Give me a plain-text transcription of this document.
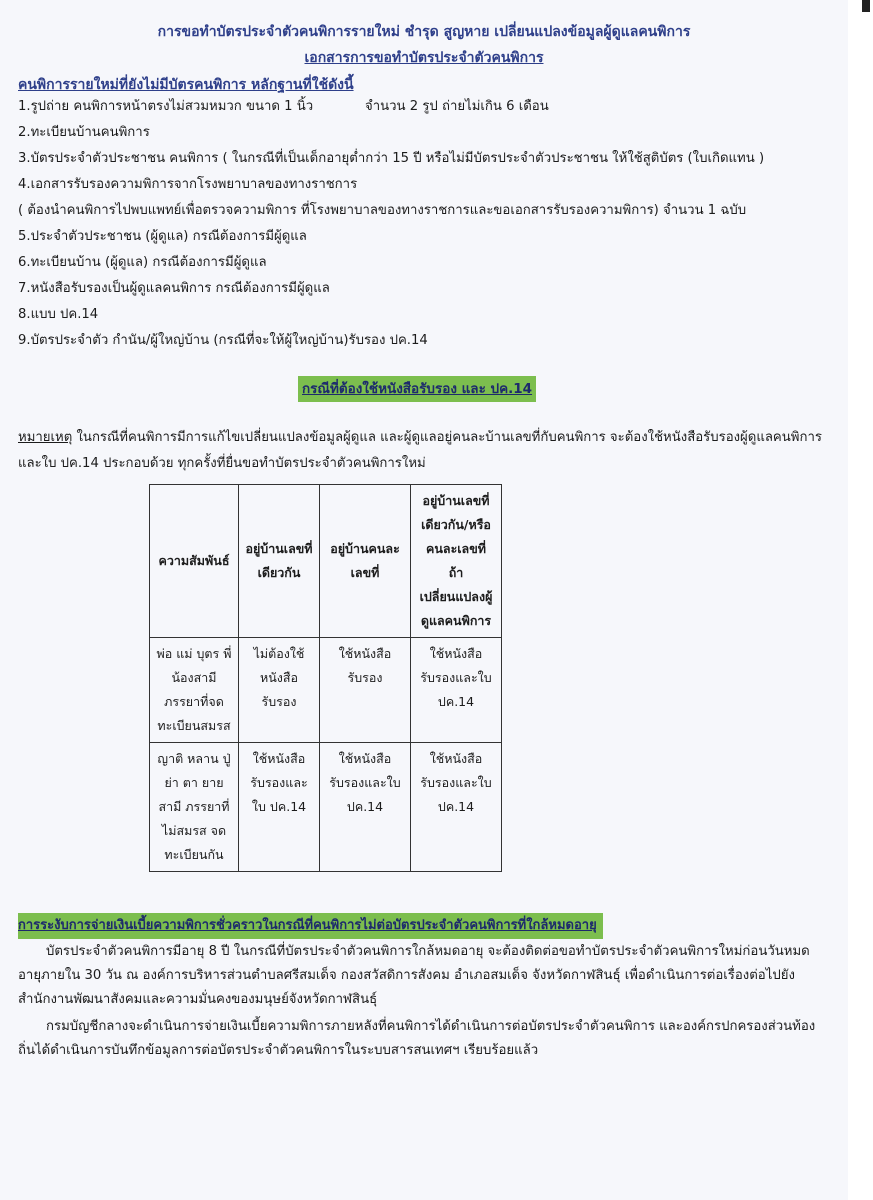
การขอทำบัตรประจำตัวคนพิการรายใหม่ ชำรุด สูญหาย เปลี่ยนแปลงข้อมูลผู้ดูแลคนพิการ
เอกสารการขอทำบัตรประจำตัวคนพิการ
คนพิการรายใหม่ที่ยังไม่มีบัตรคนพิการ หลักฐานที่ใช้ดังนี้
1.รูปถ่าย คนพิการหน้าตรงไม่สวมหมวก ขนาด 1 นิ้ว	จำนวน 2 รูป ถ่ายไม่เกิน 6 เดือน
2.ทะเบียนบ้านคนพิการ
3.บัตรประจำตัวประชาชน คนพิการ ( ในกรณีที่เป็นเด็กอายุต่ำกว่า 15 ปี หรือไม่มีบัตรประจำตัวประชาชน ให้ใช้สูติบัตร (ใบเกิดแทน )
4.เอกสารรับรองความพิการจากโรงพยาบาลของทางราชการ
( ต้องนำคนพิการไปพบแพทย์เพื่อตรวจความพิการ ที่โรงพยาบาลของทางราชการและขอเอกสารรับรองความพิการ) จำนวน 1 ฉบับ
5.ประจำตัวประชาชน (ผู้ดูแล) กรณีต้องการมีผู้ดูแล
6.ทะเบียนบ้าน (ผู้ดูแล) กรณีต้องการมีผู้ดูแล
7.หนังสือรับรองเป็นผู้ดูแลคนพิการ กรณีต้องการมีผู้ดูแล
8.แบบ ปค.14
9.บัตรประจำตัว กำนัน/ผู้ใหญ่บ้าน (กรณีที่จะให้ผู้ใหญ่บ้าน)รับรอง ปค.14
กรณีที่ต้องใช้หนังสือรับรอง และ ปค.14
หมายเหตุ ในกรณีที่คนพิการมีการแก้ไขเปลี่ยนแปลงข้อมูลผู้ดูแล และผู้ดูแลอยู่คนละบ้านเลขที่กับคนพิการ จะต้องใช้หนังสือรับรองผู้ดูแลคนพิการ และใบ ปค.14 ประกอบด้วย ทุกครั้งที่ยื่นขอทำบัตรประจำตัวคนพิการใหม่
ความสัมพันธ์	อยู่บ้านเลขที่เดียวกัน	อยู่บ้านคนละเลขที่	อยู่บ้านเลขที่เดียวกัน/หรือคนละเลขที่ ถ้าเปลี่ยนแปลงผู้ดูแลคนพิการ
พ่อ แม่ บุตร พี่น้องสามี ภรรยาที่จดทะเบียนสมรส	ไม่ต้องใช้หนังสือรับรอง	ใช้หนังสือรับรอง	ใช้หนังสือรับรองและใบ ปค.14
ญาติ หลาน ปู่ ย่า ตา ยาย สามี ภรรยาที่ไม่สมรส จดทะเบียนกัน	ใช้หนังสือรับรองและใบ ปค.14	ใช้หนังสือรับรองและใบ ปค.14	ใช้หนังสือรับรองและใบ ปค.14
การระงับการจ่ายเงินเบี้ยความพิการชั่วคราวในกรณีที่คนพิการไม่ต่อบัตรประจำตัวคนพิการที่ใกล้หมดอายุ
บัตรประจำตัวคนพิการมีอายุ 8 ปี ในกรณีที่บัตรประจำตัวคนพิการใกล้หมดอายุ จะต้องติดต่อขอทำบัตรประจำตัวคนพิการใหม่ก่อนวันหมดอายุภายใน 30 วัน ณ องค์การบริหารส่วนตำบลศรีสมเด็จ กองสวัสดิการสังคม อำเภอสมเด็จ จังหวัดกาฬสินธุ์ เพื่อดำเนินการต่อเรื่องต่อไปยังสำนักงานพัฒนาสังคมและความมั่นคงของมนุษย์จังหวัดกาฬสินธุ์
กรมบัญชีกลางจะดำเนินการจ่ายเงินเบี้ยความพิการภายหลังที่คนพิการได้ดำเนินการต่อบัตรประจำตัวคนพิการ และองค์กรปกครองส่วนท้องถิ่นได้ดำเนินการบันทึกข้อมูลการต่อบัตรประจำตัวคนพิการในระบบสารสนเทศฯ เรียบร้อยแล้ว
